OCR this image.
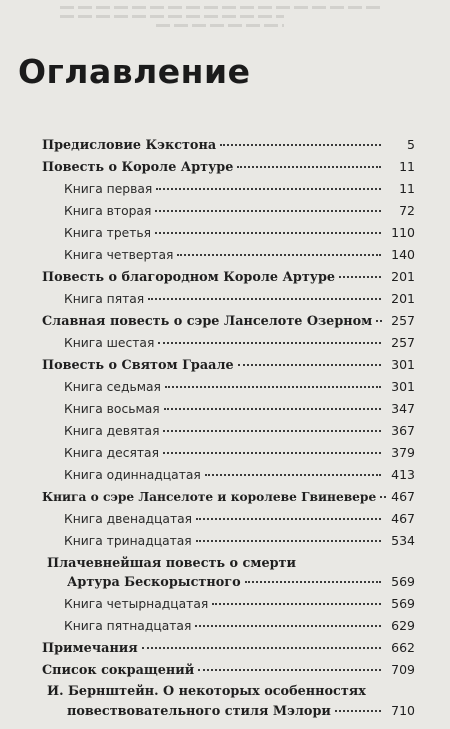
Оглавление
Предисловие Кэкстона	5
Повесть о Короле Артуре	11
Книга первая	11
Книга вторая	72
Книга третья	110
Книга четвертая	140
Повесть о благородном Короле Артуре	201
Книга пятая	201
Славная повесть о сэре Ланселоте Озерном	257
Книга шестая	257
Повесть о Святом Граале	301
Книга седьмая	301
Книга восьмая	347
Книга девятая	367
Книга десятая	379
Книга одиннадцатая	413
Книга о сэре Ланселоте и королеве Гвиневере 467
Книга двенадцатая	467
Книга тринадцатая	534
Плачевнейшая повесть о смерти
Артура Бескорыстного	569
Книга четырнадцатая	569
Книга пятнадцатая	629
Примечания	662
Список сокращений	709
И. Бернштейн. О некоторых особенностях
повествовательного стиля Мэлори	710
